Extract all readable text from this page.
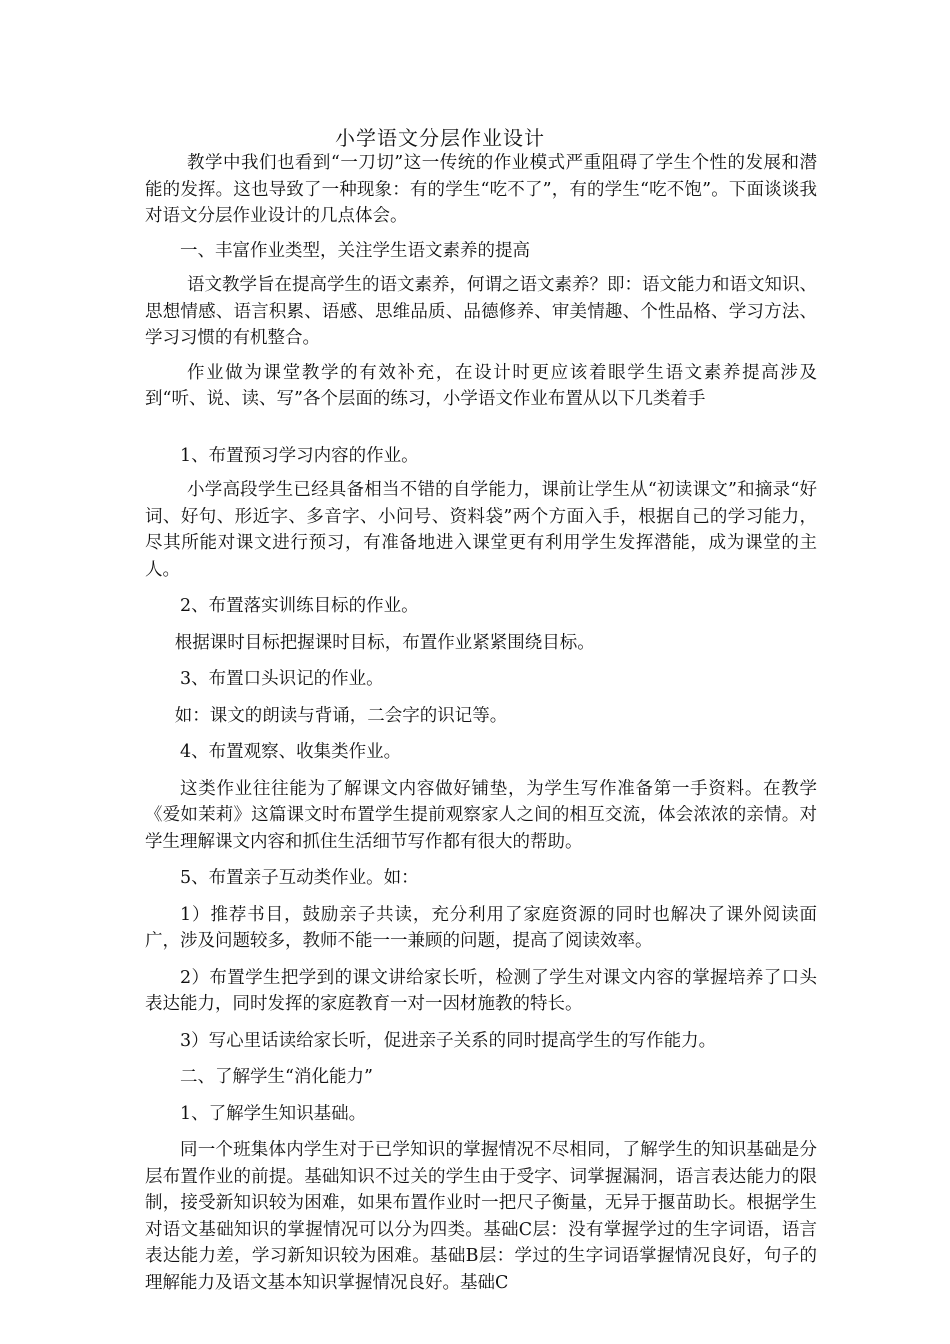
小学语文分层作业设计

教学中我们也看到“一刀切”这一传统的作业模式严重阻碍了学生个性的发展和潜能的发挥。这也导致了一种现象：有的学生“吃不了”，有的学生“吃不饱”。下面谈谈我对语文分层作业设计的几点体会。

一、丰富作业类型，关注学生语文素养的提高

语文教学旨在提高学生的语文素养，何谓之语文素养？即：语文能力和语文知识、思想情感、语言积累、语感、思维品质、品德修养、审美情趣、个性品格、学习方法、学习习惯的有机整合。

作业做为课堂教学的有效补充，在设计时更应该着眼学生语文素养提高涉及到“听、说、读、写”各个层面的练习，小学语文作业布置从以下几类着手

1、布置预习学习内容的作业。

小学高段学生已经具备相当不错的自学能力，课前让学生从“初读课文”和摘录“好词、好句、形近字、多音字、小问号、资料袋”两个方面入手，根据自己的学习能力，尽其所能对课文进行预习，有准备地进入课堂更有利用学生发挥潜能，成为课堂的主人。

2、布置落实训练目标的作业。

根据课时目标把握课时目标，布置作业紧紧围绕目标。

3、布置口头识记的作业。

如：课文的朗读与背诵，二会字的识记等。

4、布置观察、收集类作业。

这类作业往往能为了解课文内容做好铺垫，为学生写作准备第一手资料。在教学《爱如茉莉》这篇课文时布置学生提前观察家人之间的相互交流，体会浓浓的亲情。对学生理解课文内容和抓住生活细节写作都有很大的帮助。

5、布置亲子互动类作业。如：

1）推荐书目，鼓励亲子共读，充分利用了家庭资源的同时也解决了课外阅读面广，涉及问题较多，教师不能一一兼顾的问题，提高了阅读效率。

2）布置学生把学到的课文讲给家长听，检测了学生对课文内容的掌握培养了口头表达能力，同时发挥的家庭教育一对一因材施教的特长。

3）写心里话读给家长听，促进亲子关系的同时提高学生的写作能力。

二、了解学生“消化能力”

1、了解学生知识基础。

同一个班集体内学生对于已学知识的掌握情况不尽相同，了解学生的知识基础是分层布置作业的前提。基础知识不过关的学生由于受字、词掌握漏洞，语言表达能力的限制，接受新知识较为困难，如果布置作业时一把尺子衡量，无异于揠苗助长。根据学生对语文基础知识的掌握情况可以分为四类。基础C层：没有掌握学过的生字词语，语言表达能力差，学习新知识较为困难。基础B层：学过的生字词语掌握情况良好，句子的理解能力及语文基本知识掌握情况良好。基础C
